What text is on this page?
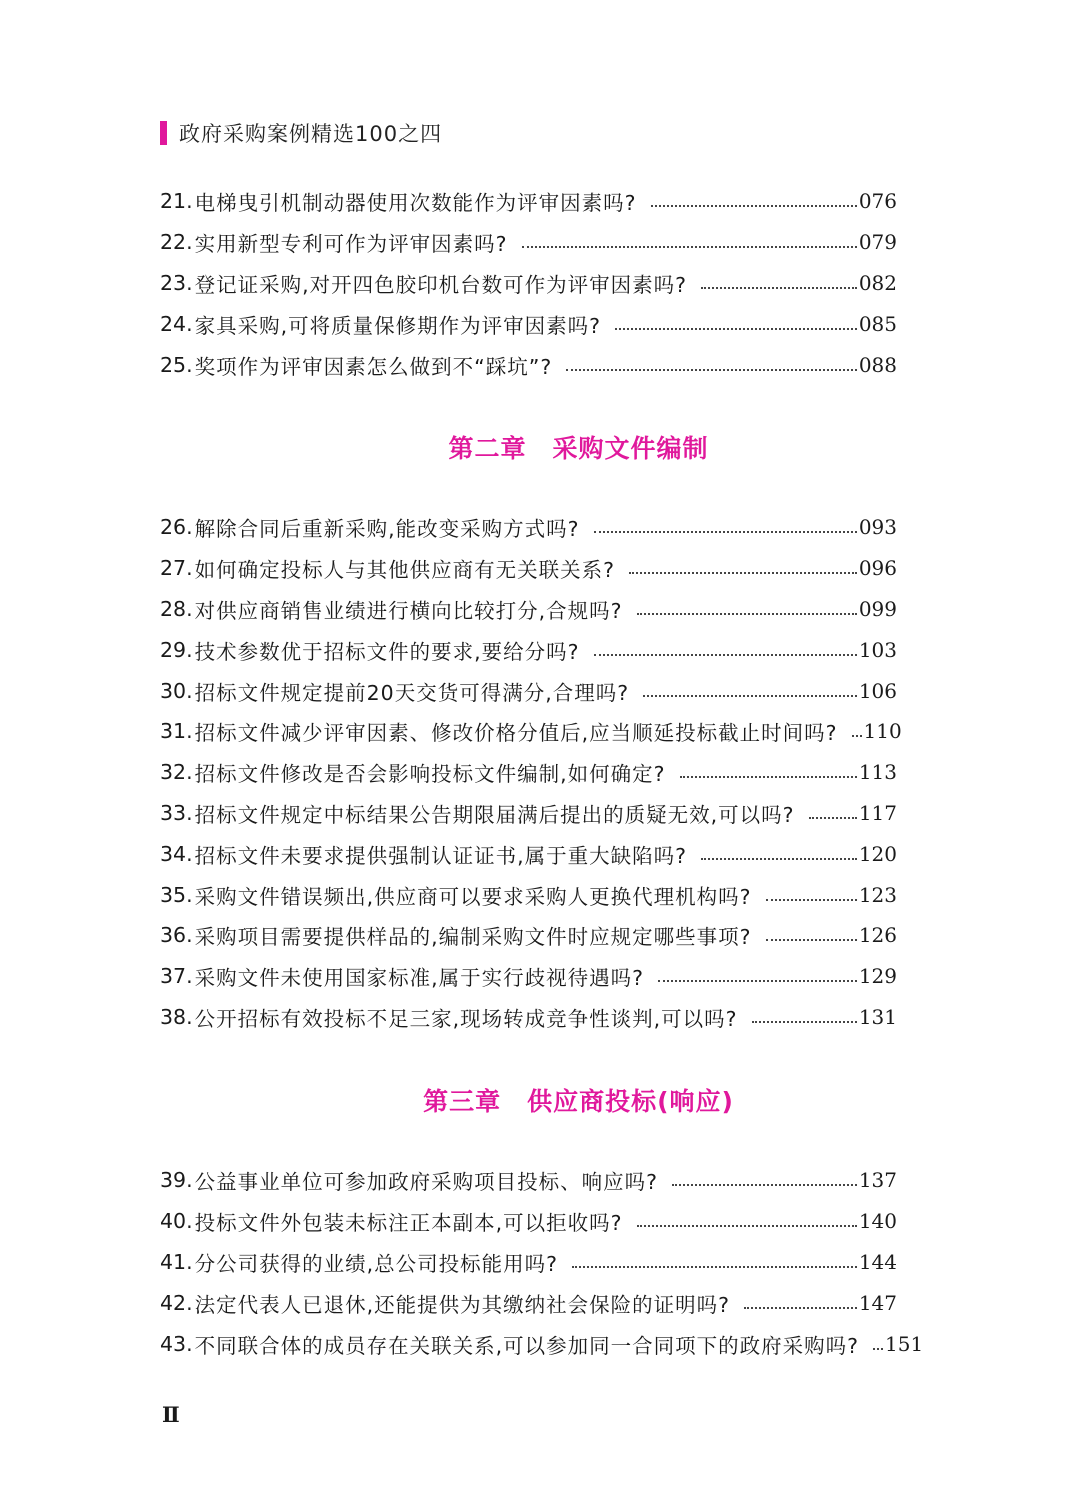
政府采购案例精选100之四
21. 电梯曳引机制动器使用次数能作为评审因素吗?	076
22. 实用新型专利可作为评审因素吗?	079
23. 登记证采购,对开四色胶印机台数可作为评审因素吗?	082
24. 家具采购,可将质量保修期作为评审因素吗?	085
25. 奖项作为评审因素怎么做到不“踩坑”?	088
第二章 采购文件编制
26. 解除合同后重新采购,能改变采购方式吗?	093
27. 如何确定投标人与其他供应商有无关联关系?	096
28. 对供应商销售业绩进行横向比较打分,合规吗?	099
29. 技术参数优于招标文件的要求,要给分吗?	103
30. 招标文件规定提前20天交货可得满分,合理吗?	106
31. 招标文件减少评审因素、修改价格分值后,应当顺延投标截止时间吗? 110
32. 招标文件修改是否会影响投标文件编制,如何确定?	113
33. 招标文件规定中标结果公告期限届满后提出的质疑无效,可以吗?	117
34. 招标文件未要求提供强制认证证书,属于重大缺陷吗?	120
35. 采购文件错误频出,供应商可以要求采购人更换代理机构吗?	123
36. 采购项目需要提供样品的,编制采购文件时应规定哪些事项?	126
37. 采购文件未使用国家标准,属于实行歧视待遇吗?	129
38. 公开招标有效投标不足三家,现场转成竞争性谈判,可以吗?	131
第三章 供应商投标(响应)
39. 公益事业单位可参加政府采购项目投标、响应吗?	137
40. 投标文件外包装未标注正本副本,可以拒收吗?	140
41. 分公司获得的业绩,总公司投标能用吗?	144
42. 法定代表人已退休,还能提供为其缴纳社会保险的证明吗?	147
43. 不同联合体的成员存在关联关系,可以参加同一合同项下的政府采购吗? 151
Ⅱ
